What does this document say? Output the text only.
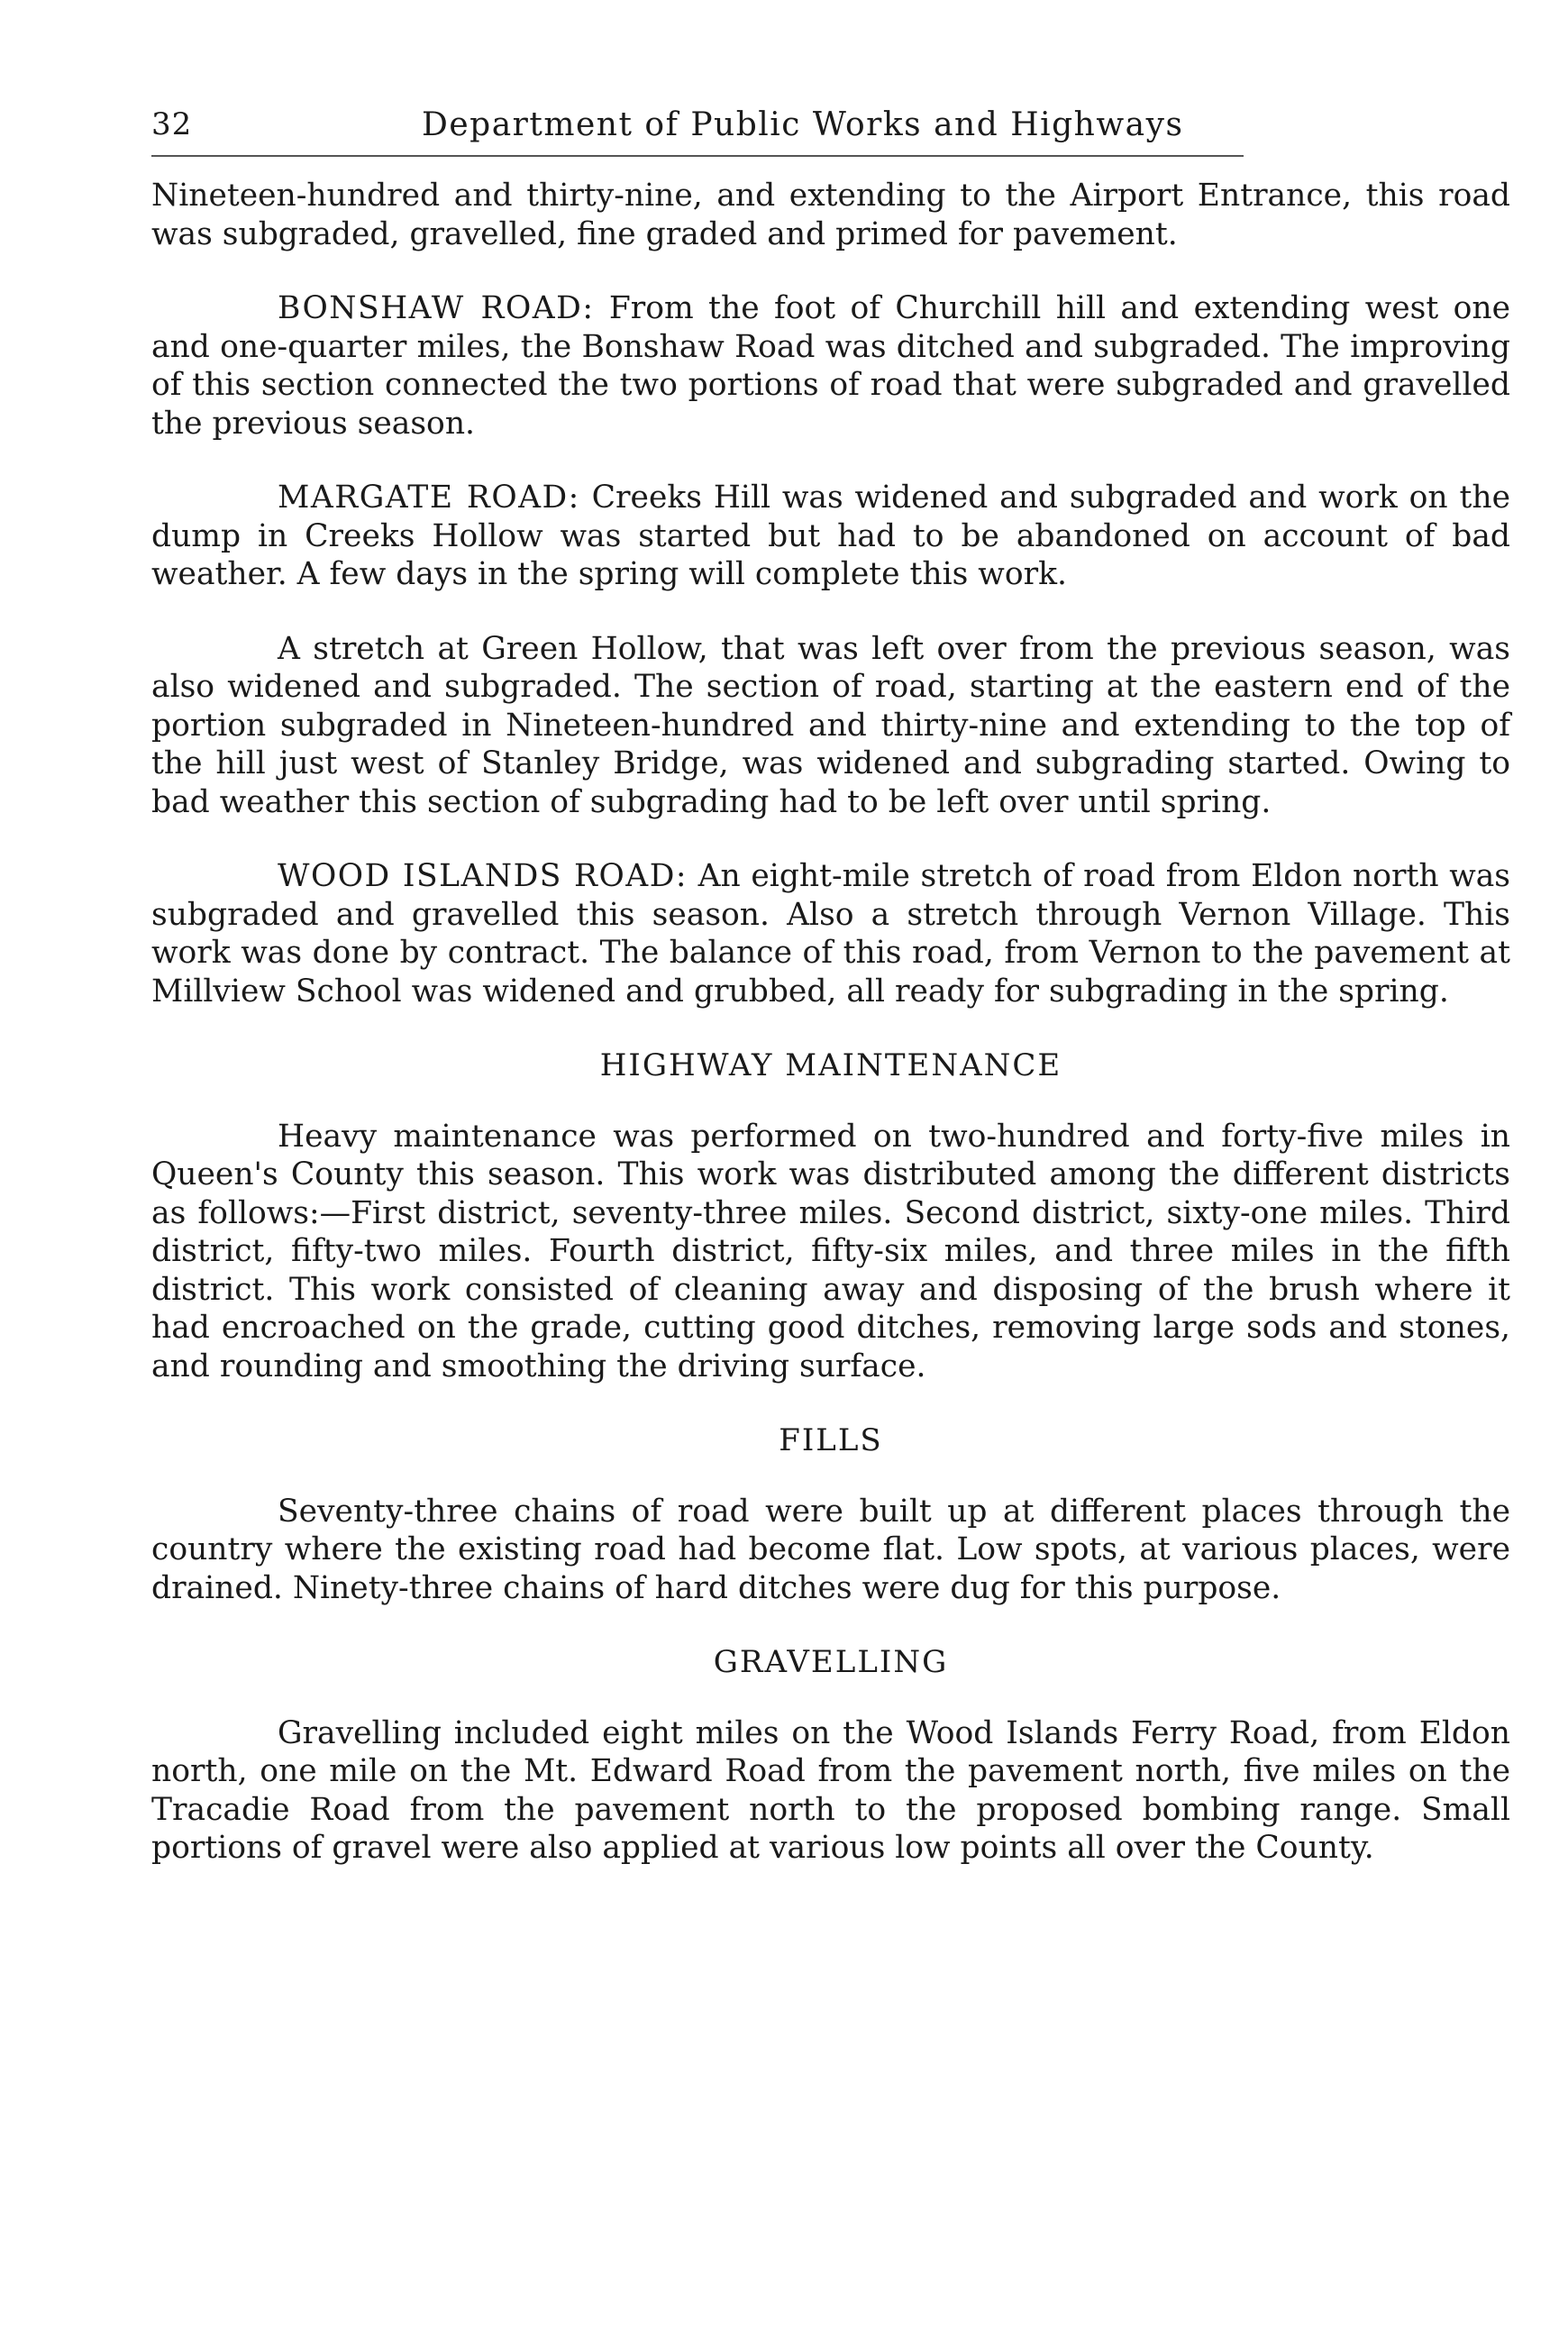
32	Department of Public Works and Highways

Nineteen-hundred and thirty-nine, and extending to the Airport Entrance, this road was subgraded, gravelled, fine graded and primed for pavement.

BONSHAW ROAD: From the foot of Churchill hill and extending west one and one-quarter miles, the Bonshaw Road was ditched and subgraded. The improving of this section connected the two portions of road that were subgraded and gravelled the previous season.

MARGATE ROAD: Creeks Hill was widened and subgraded and work on the dump in Creeks Hollow was started but had to be abandoned on account of bad weather. A few days in the spring will complete this work.

A stretch at Green Hollow, that was left over from the previous season, was also widened and subgraded. The section of road, starting at the eastern end of the portion subgraded in Nineteen-hundred and thirty-nine and extending to the top of the hill just west of Stanley Bridge, was widened and subgrading started. Owing to bad weather this section of subgrading had to be left over until spring.

WOOD ISLANDS ROAD: An eight-mile stretch of road from Eldon north was subgraded and gravelled this season. Also a stretch through Vernon Village. This work was done by contract. The balance of this road, from Vernon to the pavement at Millview School was widened and grubbed, all ready for subgrading in the spring.

HIGHWAY MAINTENANCE

Heavy maintenance was performed on two-hundred and forty-five miles in Queen's County this season. This work was distributed among the different districts as follows:—First district, seventy-three miles. Second district, sixty-one miles. Third district, fifty-two miles. Fourth district, fifty-six miles, and three miles in the fifth district. This work consisted of cleaning away and disposing of the brush where it had encroached on the grade, cutting good ditches, removing large sods and stones, and rounding and smoothing the driving surface.

FILLS

Seventy-three chains of road were built up at different places through the country where the existing road had become flat. Low spots, at various places, were drained. Ninety-three chains of hard ditches were dug for this purpose.

GRAVELLING

Gravelling included eight miles on the Wood Islands Ferry Road, from Eldon north, one mile on the Mt. Edward Road from the pavement north, five miles on the Tracadie Road from the pavement north to the proposed bombing range. Small portions of gravel were also applied at various low points all over the County.
